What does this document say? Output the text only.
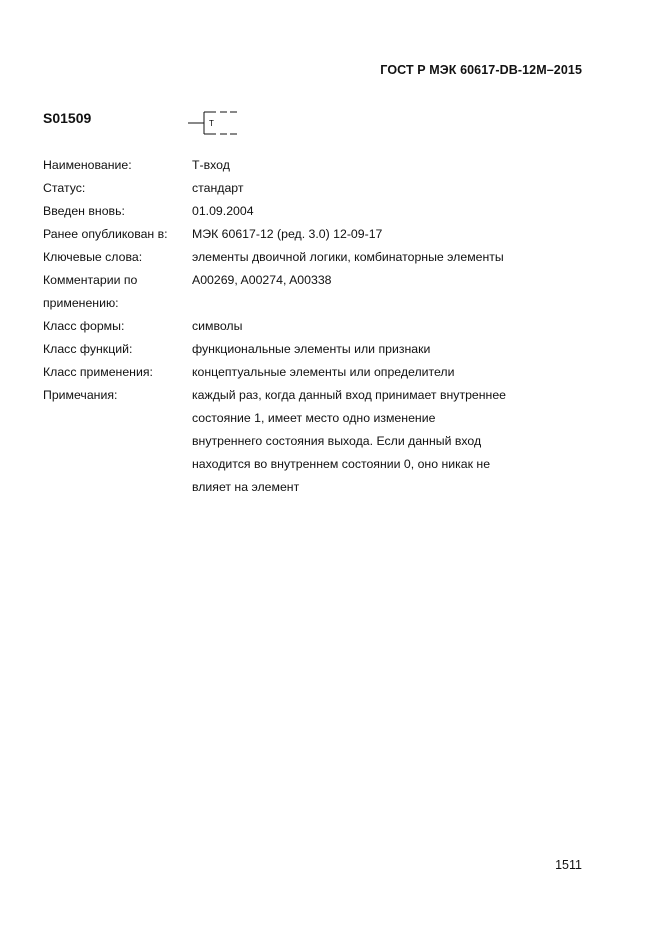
ГОСТ Р МЭК 60617-DB-12M–2015
S01509	T
Наименование:	Т-вход
Статус:	стандарт
Введен вновь:	01.09.2004
Ранее опубликован в:	МЭК 60617-12 (ред. 3.0) 12-09-17
Ключевые слова:	элементы двоичной логики, комбинаторные элементы
Комментарии по
применению:
A00269, A00274, A00338
Класс формы:	символы
Класс функций:	функциональные элементы или признаки
Класс применения:	концептуальные элементы или определители
Примечания:	каждый раз, когда данный вход принимает внутреннее
состояние 1, имеет место одно изменение
внутреннего состояния выхода. Если данный вход
находится во внутреннем состоянии 0, оно никак не
влияет на элемент
1511
